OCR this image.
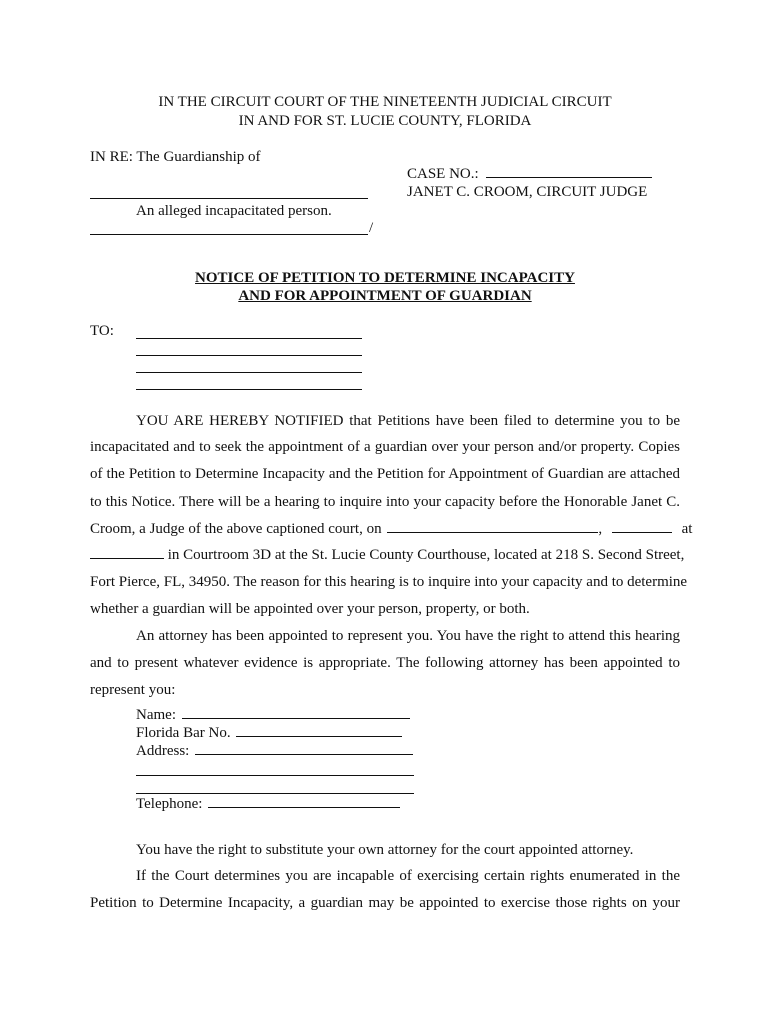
IN THE CIRCUIT COURT OF THE NINETEENTH JUDICIAL CIRCUIT
IN AND FOR ST. LUCIE COUNTY, FLORIDA
IN RE: The Guardianship of
CASE NO.:
JANET C. CROOM, CIRCUIT JUDGE
An alleged incapacitated person.
/
NOTICE OF PETITION TO DETERMINE INCAPACITY
AND FOR APPOINTMENT OF GUARDIAN
TO:
YOU ARE HEREBY NOTIFIED that Petitions have been filed to determine you to be
incapacitated and to seek the appointment of a guardian over your person and/or property. Copies
of the Petition to Determine Incapacity and the Petition for Appointment of Guardian are attached
to this Notice. There will be a hearing to inquire into your capacity before the Honorable Janet C.
Croom, a Judge of the above captioned court, on	,	at
in Courtroom 3D at the St. Lucie County Courthouse, located at 218 S. Second Street,
Fort Pierce, FL, 34950. The reason for this hearing is to inquire into your capacity and to determine
whether a guardian will be appointed over your person, property, or both.
An attorney has been appointed to represent you. You have the right to attend this hearing
and to present whatever evidence is appropriate. The following attorney has been appointed to
represent you:
Name:
Florida Bar No.
Address:
Telephone:
You have the right to substitute your own attorney for the court appointed attorney.
If the Court determines you are incapable of exercising certain rights enumerated in the
Petition to Determine Incapacity, a guardian may be appointed to exercise those rights on your
